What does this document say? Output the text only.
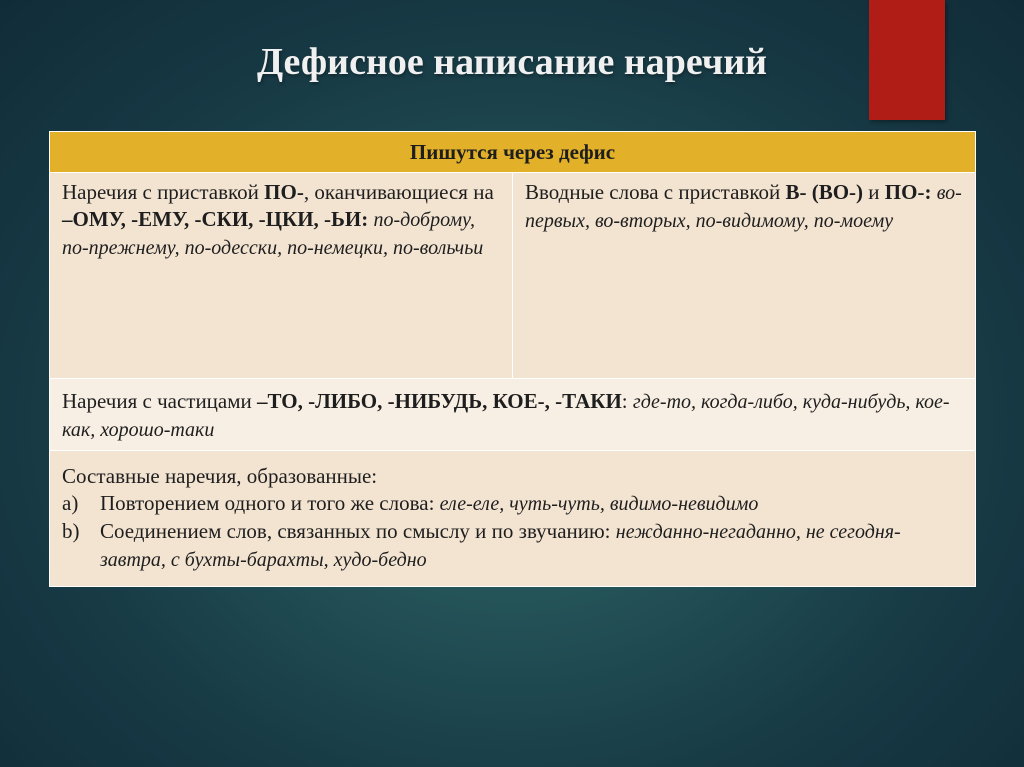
Дефисное написание наречий
Пишутся через дефис
Наречия с приставкой ПО-, оканчивающиеся на –ОМУ, -ЕМУ, -СКИ, -ЦКИ, -ЬИ: по-доброму, по-прежнему, по-одесски, по-немецки, по-вольчьи	Вводные слова с приставкой В- (ВО-) и ПО-: во-первых, во-вторых, по-видимому, по-моему
Наречия с частицами –ТО, -ЛИБО, -НИБУДЬ, КОЕ-, -ТАКИ: где-то, когда-либо, куда-нибудь, кое-как, хорошо-таки

Составные наречия, образованные:
a) Повторением одного и того же слова: еле-еле, чуть-чуть, видимо-невидимо
b) Соединением слов, связанных по смыслу и по звучанию: нежданно-негаданно, не сегодня-завтра, с бухты-барахты, худо-бедно
